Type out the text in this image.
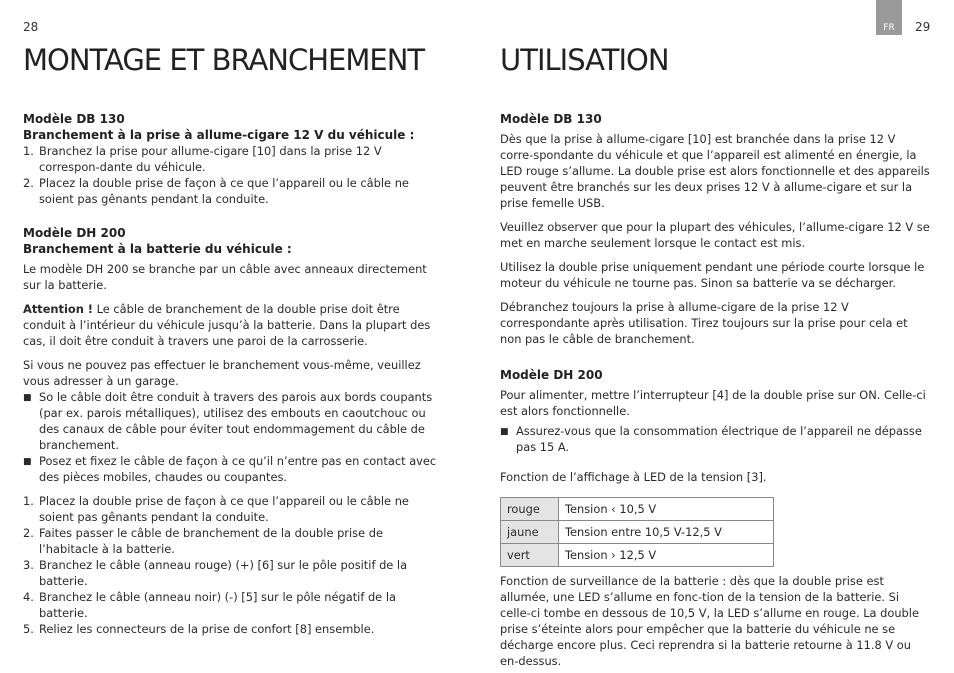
28	FR	29
MONTAGE ET BRANCHEMENT
Modèle DB 130
Branchement à la prise à allume-cigare 12 V du véhicule :
1. Branchez la prise pour allume-cigare [10] dans la prise 12 V correspon-dante du véhicule.
2. Placez la double prise de façon à ce que l’appareil ou le câble ne soient pas gênants pendant la conduite.
Modèle DH 200
Branchement à la batterie du véhicule :

Le modèle DH 200 se branche par un câble avec anneaux directement sur la batterie.

Attention ! Le câble de branchement de la double prise doit être conduit à l’intérieur du véhicule jusqu’à la batterie. Dans la plupart des cas, il doit être conduit à travers une paroi de la carrosserie.

Si vous ne pouvez pas effectuer le branchement vous-même, veuillez vous adresser à un garage.

■ So le câble doit être conduit à travers des parois aux bords coupants (par ex. parois métalliques), utilisez des embouts en caoutchouc ou des canaux de câble pour éviter tout endommagement du câble de branchement.
■ Posez et fixez le câble de façon à ce qu’il n’entre pas en contact avec des pièces mobiles, chaudes ou coupantes.
1. Placez la double prise de façon à ce que l’appareil ou le câble ne soient pas gênants pendant la conduite.
2. Faites passer le câble de branchement de la double prise de l’habitacle à la batterie.
3. Branchez le câble (anneau rouge) (+) [6] sur le pôle positif de la batterie.
4. Branchez le câble (anneau noir) (-) [5] sur le pôle négatif de la batterie.
5. Reliez les connecteurs de la prise de confort [8] ensemble.
UTILISATION
Modèle DB 130

Dès que la prise à allume-cigare [10] est branchée dans la prise 12 V corre-spondante du véhicule et que l’appareil est alimenté en énergie, la LED rouge s’allume. La double prise est alors fonctionnelle et des appareils peuvent être branchés sur les deux prises 12 V à allume-cigare et sur la prise femelle USB.

Veuillez observer que pour la plupart des véhicules, l’allume-cigare 12 V se met en marche seulement lorsque le contact est mis.

Utilisez la double prise uniquement pendant une période courte lorsque le moteur du véhicule ne tourne pas. Sinon sa batterie va se décharger.

Débranchez toujours la prise à allume-cigare de la prise 12 V correspondante après utilisation. Tirez toujours sur la prise pour cela et non pas le câble de branchement.

Modèle DH 200

Pour alimenter, mettre l’interrupteur [4] de la double prise sur ON. Celle-ci est alors fonctionnelle.

■ Assurez-vous que la consommation électrique de l’appareil ne dépasse pas 15 A.

Fonction de l’affichage à LED de la tension [3].

rouge	Tension ‹ 10,5 V
jaune	Tension entre 10,5 V-12,5 V
vert	Tension › 12,5 V

Fonction de surveillance de la batterie : dès que la double prise est allumée, une LED s’allume en fonc-tion de la tension de la batterie. Si celle-ci tombe en dessous de 10,5 V, la LED s’allume en rouge. La double prise s’éteinte alors pour empêcher que la batterie du véhicule ne se décharge encore plus. Ceci reprendra si la batterie retourne à 11.8 V ou en-dessus.
